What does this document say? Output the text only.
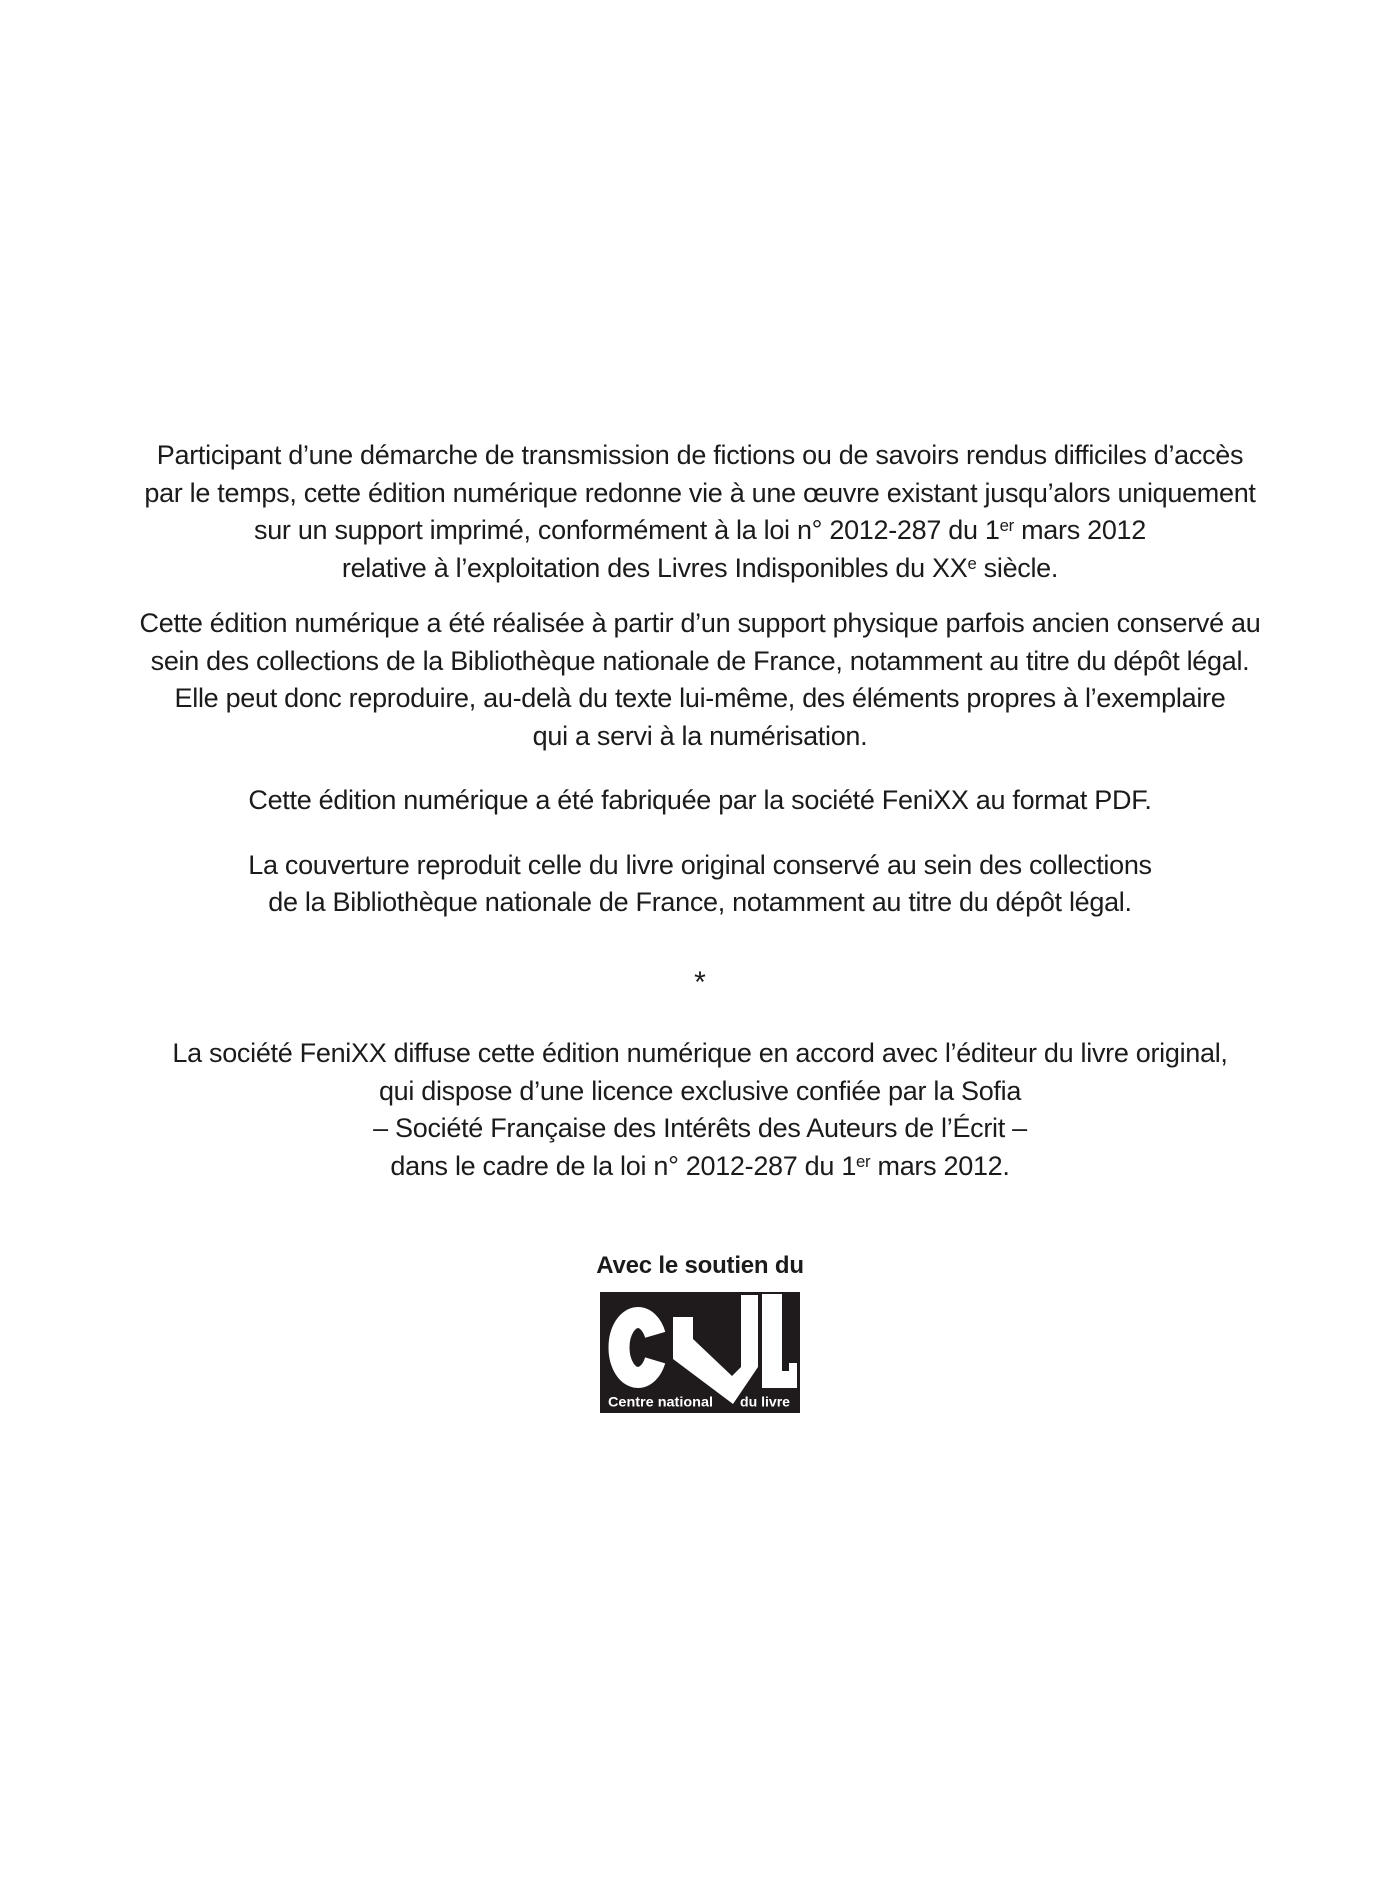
Participant d’une démarche de transmission de fictions ou de savoirs rendus difficiles d’accès
par le temps, cette édition numérique redonne vie à une œuvre existant jusqu’alors uniquement
sur un support imprimé, conformément à la loi n° 2012-287 du 1er mars 2012
relative à l’exploitation des Livres Indisponibles du XXe siècle.

Cette édition numérique a été réalisée à partir d’un support physique parfois ancien conservé au
sein des collections de la Bibliothèque nationale de France, notamment au titre du dépôt légal.
Elle peut donc reproduire, au-delà du texte lui-même, des éléments propres à l’exemplaire
qui a servi à la numérisation.

Cette édition numérique a été fabriquée par la société FeniXX au format PDF.

La couverture reproduit celle du livre original conservé au sein des collections
de la Bibliothèque nationale de France, notamment au titre du dépôt légal.

*

La société FeniXX diffuse cette édition numérique en accord avec l’éditeur du livre original,
qui dispose d’une licence exclusive confiée par la Sofia
– Société Française des Intérêts des Auteurs de l’Écrit –
dans le cadre de la loi n° 2012-287 du 1er mars 2012.

Avec le soutien du
Centre national du livre
